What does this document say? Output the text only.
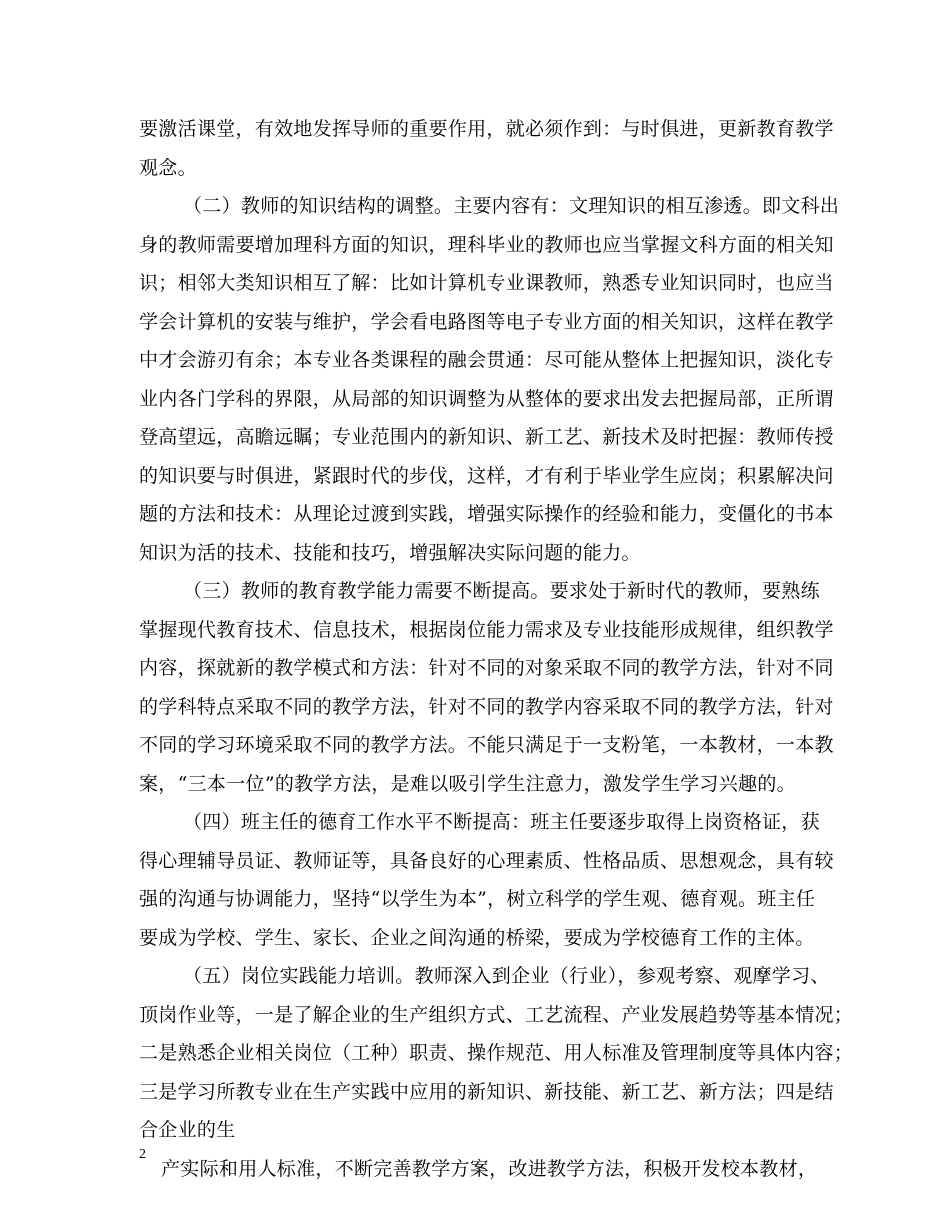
要激活课堂，有效地发挥导师的重要作用，就必须作到：与时俱进，更新教育教学
观念。
（二）教师的知识结构的调整。主要内容有：文理知识的相互渗透。即文科出
身的教师需要增加理科方面的知识，理科毕业的教师也应当掌握文科方面的相关知
识；相邻大类知识相互了解：比如计算机专业课教师，熟悉专业知识同时，也应当
学会计算机的安装与维护，学会看电路图等电子专业方面的相关知识，这样在教学
中才会游刃有余；本专业各类课程的融会贯通：尽可能从整体上把握知识，淡化专
业内各门学科的界限，从局部的知识调整为从整体的要求出发去把握局部，正所谓
登高望远，高瞻远瞩；专业范围内的新知识、新工艺、新技术及时把握：教师传授
的知识要与时俱进，紧跟时代的步伐，这样，才有利于毕业学生应岗；积累解决问
题的方法和技术：从理论过渡到实践，增强实际操作的经验和能力，变僵化的书本
知识为活的技术、技能和技巧，增强解决实际问题的能力。
（三）教师的教育教学能力需要不断提高。要求处于新时代的教师，要熟练
掌握现代教育技术、信息技术，根据岗位能力需求及专业技能形成规律，组织教学
内容，探就新的教学模式和方法：针对不同的对象采取不同的教学方法，针对不同
的学科特点采取不同的教学方法，针对不同的教学内容采取不同的教学方法，针对
不同的学习环境采取不同的教学方法。不能只满足于一支粉笔，一本教材，一本教
案，“三本一位”的教学方法，是难以吸引学生注意力，激发学生学习兴趣的。
（四）班主任的德育工作水平不断提高：班主任要逐步取得上岗资格证，获
得心理辅导员证、教师证等，具备良好的心理素质、性格品质、思想观念，具有较
强的沟通与协调能力，坚持“以学生为本”，树立科学的学生观、德育观。班主任
要成为学校、学生、家长、企业之间沟通的桥梁，要成为学校德育工作的主体。
（五）岗位实践能力培训。教师深入到企业（行业），参观考察、观摩学习、
顶岗作业等，一是了解企业的生产组织方式、工艺流程、产业发展趋势等基本情况；
二是熟悉企业相关岗位（工种）职责、操作规范、用人标准及管理制度等具体内容；
三是学习所教专业在生产实践中应用的新知识、新技能、新工艺、新方法；四是结
合企业的生
产实际和用人标准，不断完善教学方案，改进教学方法，积极开发校本教材，
2
